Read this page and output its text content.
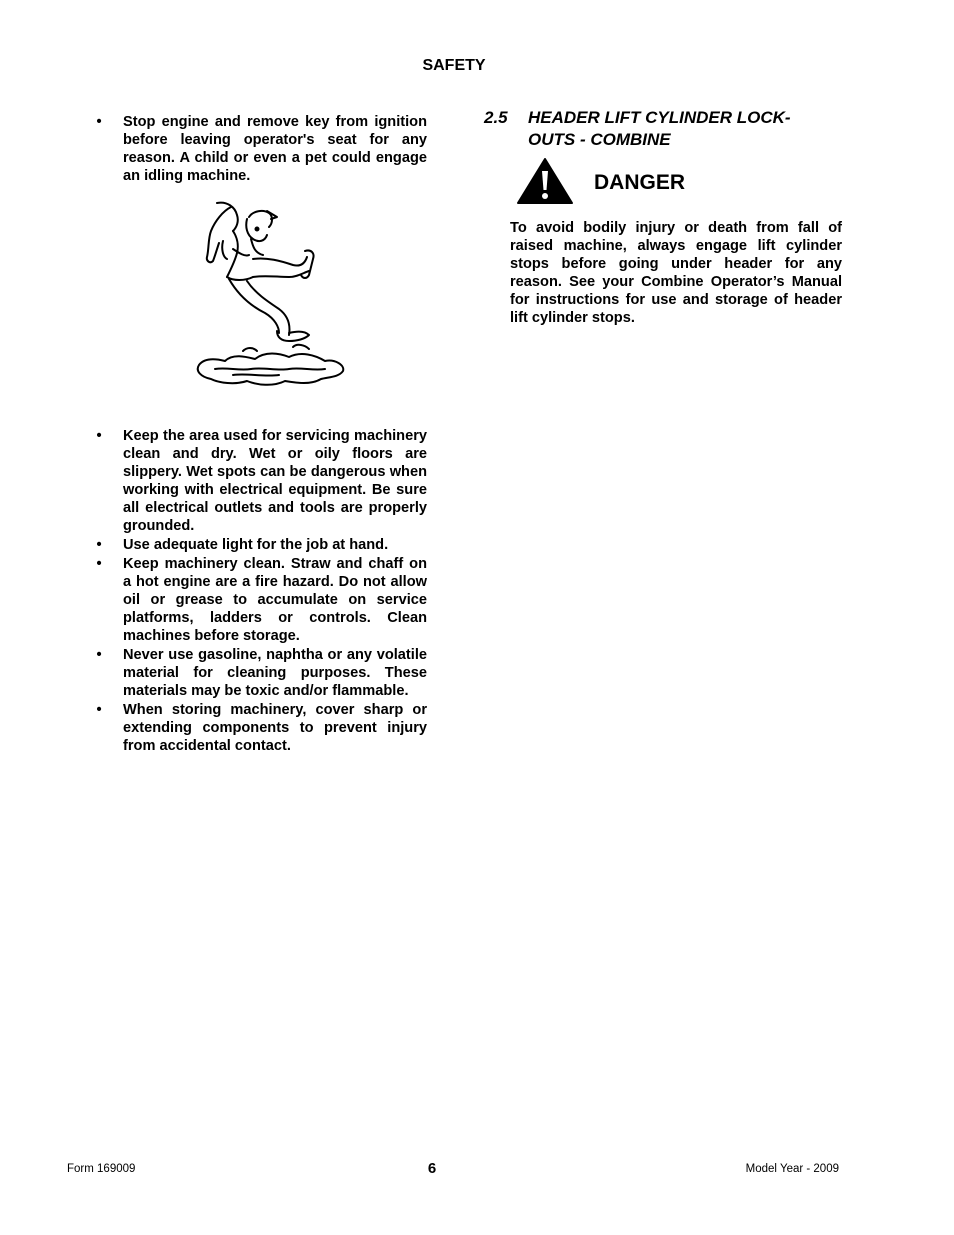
SAFETY
• Stop engine and remove key from ignition before leaving operator's seat for any reason. A child or even a pet could engage an idling machine.
• Keep the area used for servicing machinery clean and dry. Wet or oily floors are slippery. Wet spots can be dangerous when working with electrical equipment. Be sure all electrical outlets and tools are properly grounded.
• Use adequate light for the job at hand.
• Keep machinery clean. Straw and chaff on a hot engine are a fire hazard. Do not allow oil or grease to accumulate on service platforms, ladders or controls. Clean machines before storage.
• Never use gasoline, naphtha or any volatile material for cleaning purposes. These materials may be toxic and/or flammable.
• When storing machinery, cover sharp or extending components to prevent injury from accidental contact.
2.5 HEADER LIFT CYLINDER LOCK-
OUTS - COMBINE
DANGER
To avoid bodily injury or death from fall of raised machine, always engage lift cylinder stops before going under header for any reason. See your Combine Operator’s Manual for instructions for use and storage of header lift cylinder stops.
Form 169009	6	Model Year - 2009
